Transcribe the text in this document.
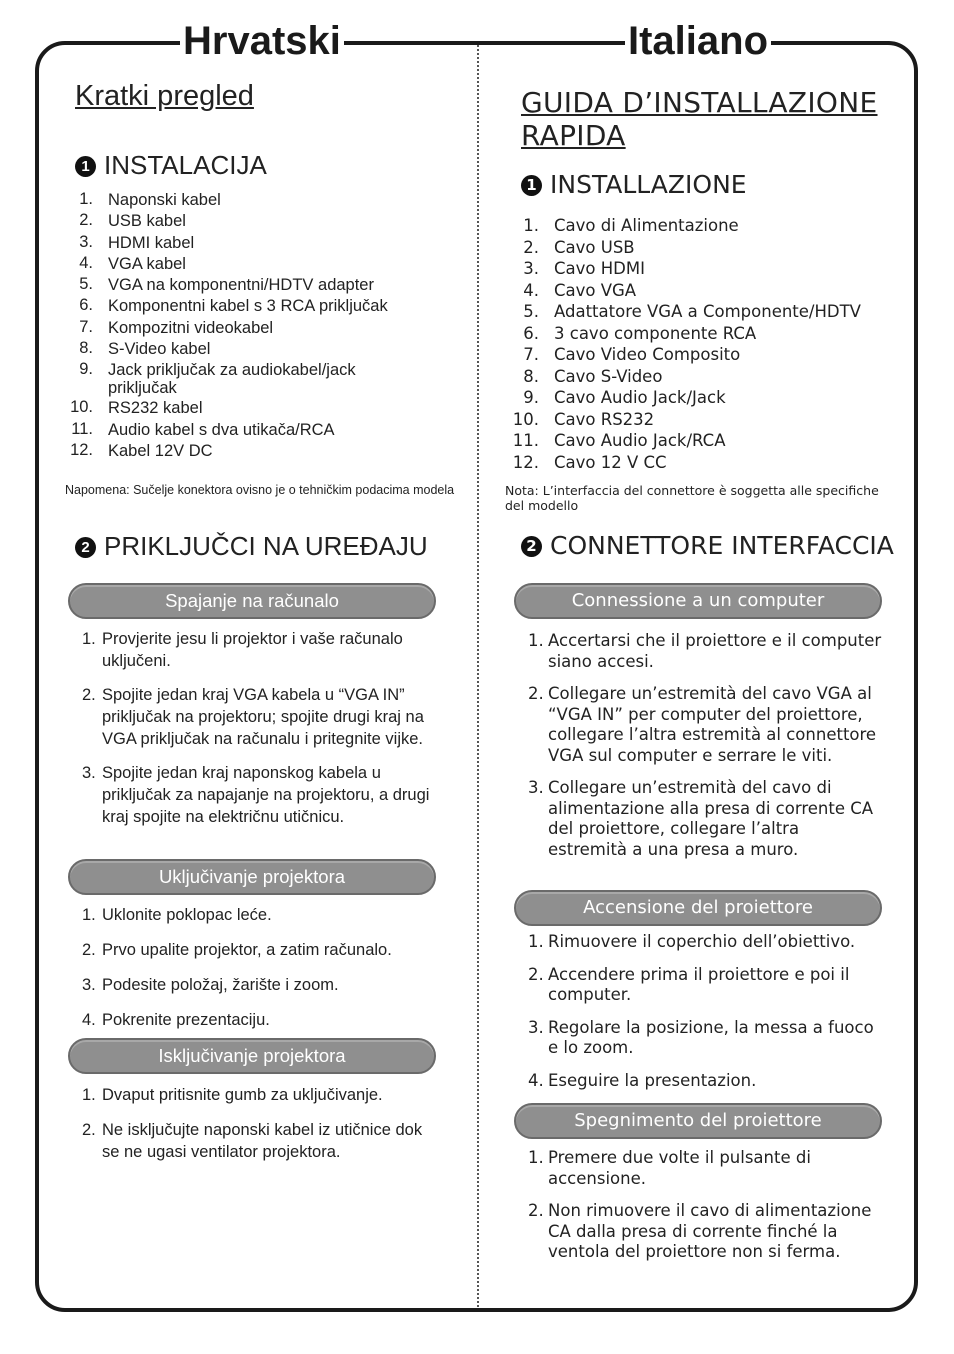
Hrvatski	Italiano
Kratki pregled
1 INSTALACIJA
1. Naponski kabel
2. USB kabel
3. HDMI kabel
4. VGA kabel
5. VGA na komponentni/HDTV adapter
6. Komponentni kabel s 3 RCA priključak
7. Kompozitni videokabel
8. S-Video kabel
9. Jack priključak za audiokabel/jack priključak
10. RS232 kabel
11. Audio kabel s dva utikača/RCA
12. Kabel 12V DC
Napomena: Sučelje konektora ovisno je o tehničkim podacima modela
2 PRIKLJUČCI NA UREĐAJU
Spajanje na računalo
1. Provjerite jesu li projektor i vaše računalo uključeni.
2. Spojite jedan kraj VGA kabela u “VGA IN” priključak na projektoru; spojite drugi kraj na VGA priključak na računalu i pritegnite vijke.
3. Spojite jedan kraj naponskog kabela u priključak za napajanje na projektoru, a drugi kraj spojite na električnu utičnicu.
Uključivanje projektora
1. Uklonite poklopac leće.
2. Prvo upalite projektor, a zatim računalo.
3. Podesite položaj, žarište i zoom.
4. Pokrenite prezentaciju.
Isključivanje projektora
1. Dvaput pritisnite gumb za uključivanje.
2. Ne isključujte naponski kabel iz utičnice dok se ne ugasi ventilator projektora.
GUIDA D’INSTALLAZIONE RAPIDA
1 INSTALLAZIONE
1. Cavo di Alimentazione
2. Cavo USB
3. Cavo HDMI
4. Cavo VGA
5. Adattatore VGA a Componente/HDTV
6. 3 cavo componente RCA
7. Cavo Video Composito
8. Cavo S-Video
9. Cavo Audio Jack/Jack
10. Cavo RS232
11. Cavo Audio Jack/RCA
12. Cavo 12 V CC
Nota: L’interfaccia del connettore è soggetta alle specifiche del modello
2 CONNETTORE INTERFACCIA
Connessione a un computer
1. Accertarsi che il proiettore e il computer siano accesi.
2. Collegare un’estremità del cavo VGA al “VGA IN” per computer del proiettore, collegare l’altra estremità al connettore VGA sul computer e serrare le viti.
3. Collegare un’estremità del cavo di alimentazione alla presa di corrente CA del proiettore, collegare l’altra estremità a una presa a muro.
Accensione del proiettore
1. Rimuovere il coperchio dell’obiettivo.
2. Accendere prima il proiettore e poi il computer.
3. Regolare la posizione, la messa a fuoco e lo zoom.
4. Eseguire la presentazion.
Spegnimento del proiettore
1. Premere due volte il pulsante di accensione.
2. Non rimuovere il cavo di alimentazione CA dalla presa di corrente finché la ventola del proiettore non si ferma.
